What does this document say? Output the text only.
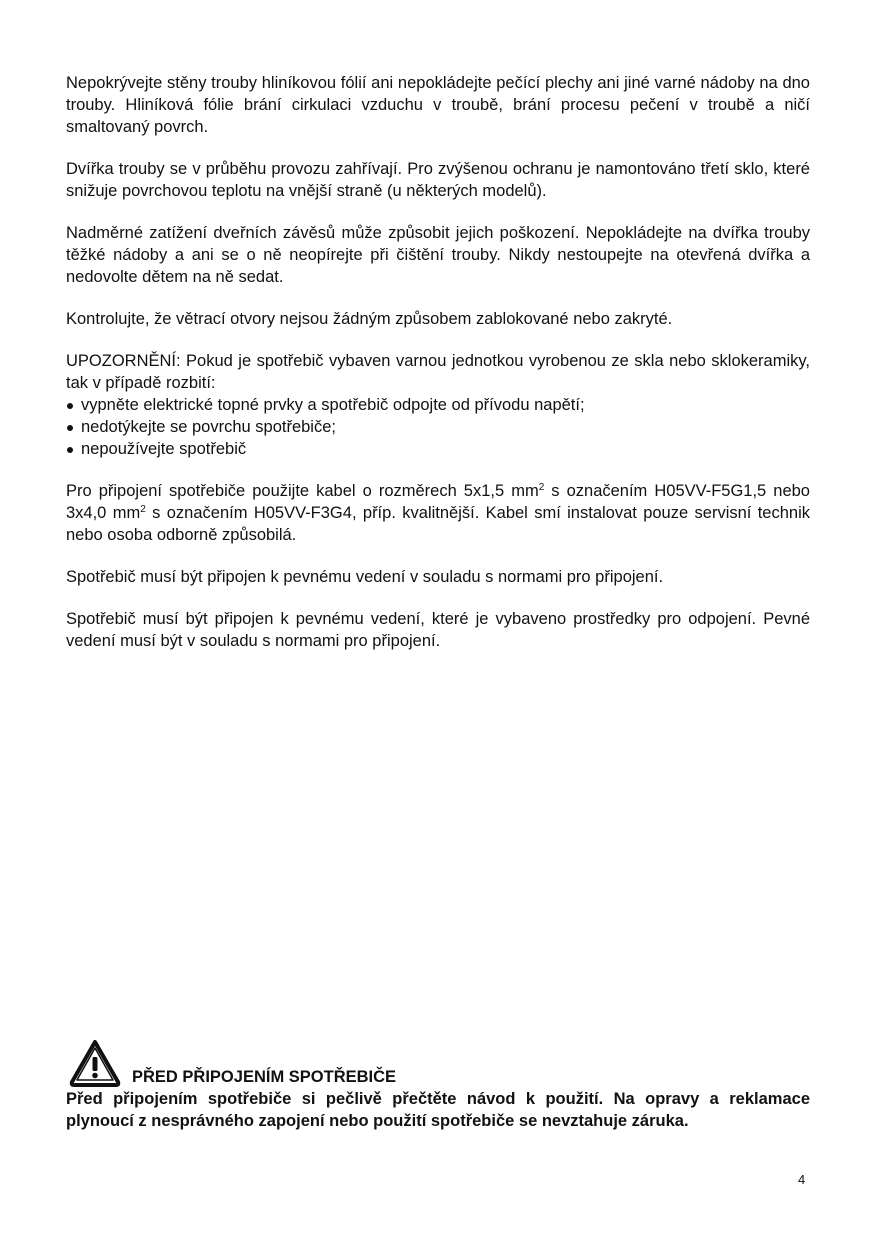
Nepokrývejte stěny trouby hliníkovou fólií ani nepokládejte pečící plechy ani jiné varné nádoby na dno trouby. Hliníková fólie brání cirkulaci vzduchu v troubě, brání procesu pečení v troubě a ničí smaltovaný povrch.

Dvířka trouby se v průběhu provozu zahřívají. Pro zvýšenou ochranu je namontováno třetí sklo, které snižuje povrchovou teplotu na vnější straně (u některých modelů).

Nadměrné zatížení dveřních závěsů může způsobit jejich poškození. Nepokládejte na dvířka trouby těžké nádoby a ani se o ně neopírejte při čištění trouby. Nikdy nestoupejte na otevřená dvířka a nedovolte dětem na ně sedat.

Kontrolujte, že větrací otvory nejsou žádným způsobem zablokované nebo zakryté.

UPOZORNĚNÍ: Pokud je spotřebič vybaven varnou jednotkou vyrobenou ze skla nebo sklokeramiky, tak v případě rozbití:

vypněte elektrické topné prvky a spotřebič odpojte od přívodu napětí;
nedotýkejte se povrchu spotřebiče;
nepoužívejte spotřebič

Pro připojení spotřebiče použijte kabel o rozměrech 5x1,5 $mm^2$ s označením H05VV-F5G1,5 nebo 3x4,0 $mm^2$ s označením H05VV-F3G4, příp. kvalitnější. Kabel smí instalovat pouze servisní technik nebo osoba odborně způsobilá.

Spotřebič musí být připojen k pevnému vedení v souladu s normami pro připojení.

Spotřebič musí být připojen k pevnému vedení, které je vybaveno prostředky pro odpojení. Pevné vedení musí být v souladu s normami pro připojení.

PŘED PŘIPOJENÍM SPOTŘEBIČE

Před připojením spotřebiče si pečlivě přečtěte návod k použití. Na opravy a reklamace plynoucí z nesprávného zapojení nebo použití spotřebiče se nevztahuje záruka.

4
